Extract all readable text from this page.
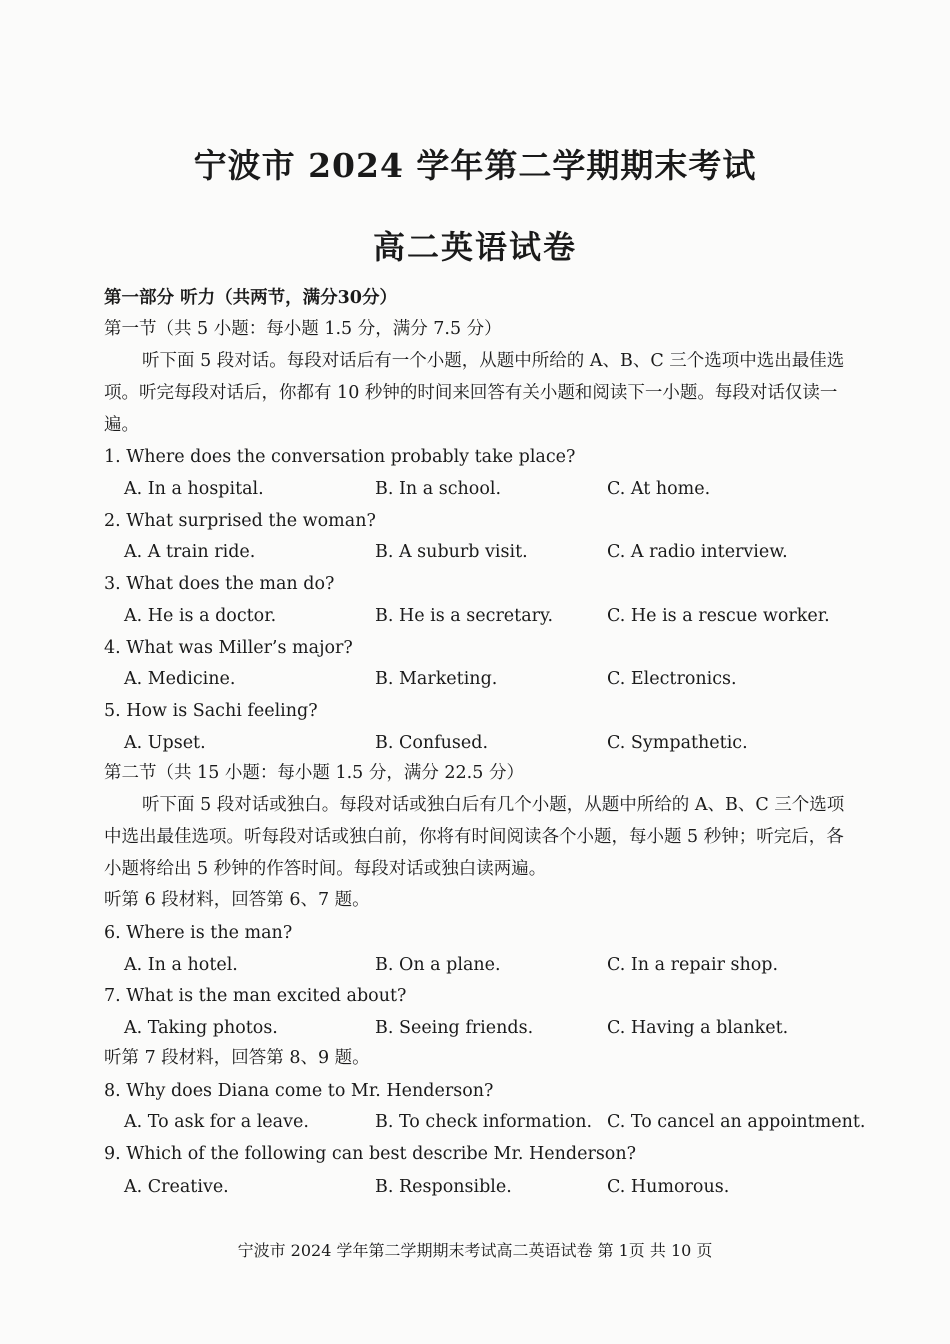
宁波市 2024 学年第二学期期末考试
高二英语试卷
第一部分 听力（共两节，满分30分）
第一节（共 5 小题：每小题 1.5 分，满分 7.5 分）
听下面 5 段对话。每段对话后有一个小题，从题中所给的 A、B、C 三个选项中选出最佳选项。听完每段对话后，你都有 10 秒钟的时间来回答有关小题和阅读下一小题。每段对话仅读一遍。
1. Where does the conversation probably take place?
A. In a hospital.	B. In a school.	C. At home.
2. What surprised the woman?
A. A train ride.	B. A suburb visit.	C. A radio interview.
3. What does the man do?
A. He is a doctor.	B. He is a secretary.	C. He is a rescue worker.
4. What was Miller’s major?
A. Medicine.	B. Marketing.	C. Electronics.
5. How is Sachi feeling?
A. Upset.	B. Confused.	C. Sympathetic.
第二节（共 15 小题：每小题 1.5 分，满分 22.5 分）
听下面 5 段对话或独白。每段对话或独白后有几个小题，从题中所给的 A、B、C 三个选项中选出最佳选项。听每段对话或独白前，你将有时间阅读各个小题，每小题 5 秒钟；听完后，各小题将给出 5 秒钟的作答时间。每段对话或独白读两遍。
听第 6 段材料，回答第 6、7 题。
6. Where is the man?
A. In a hotel.	B. On a plane.	C. In a repair shop.
7. What is the man excited about?
A. Taking photos.	B. Seeing friends.	C. Having a blanket.
听第 7 段材料，回答第 8、9 题。
8. Why does Diana come to Mr. Henderson?
A. To ask for a leave.	B. To check information. C. To cancel an appointment.
9. Which of the following can best describe Mr. Henderson?
A. Creative.	B. Responsible.	C. Humorous.
宁波市 2024 学年第二学期期末考试高二英语试卷 第 1页 共 10 页
